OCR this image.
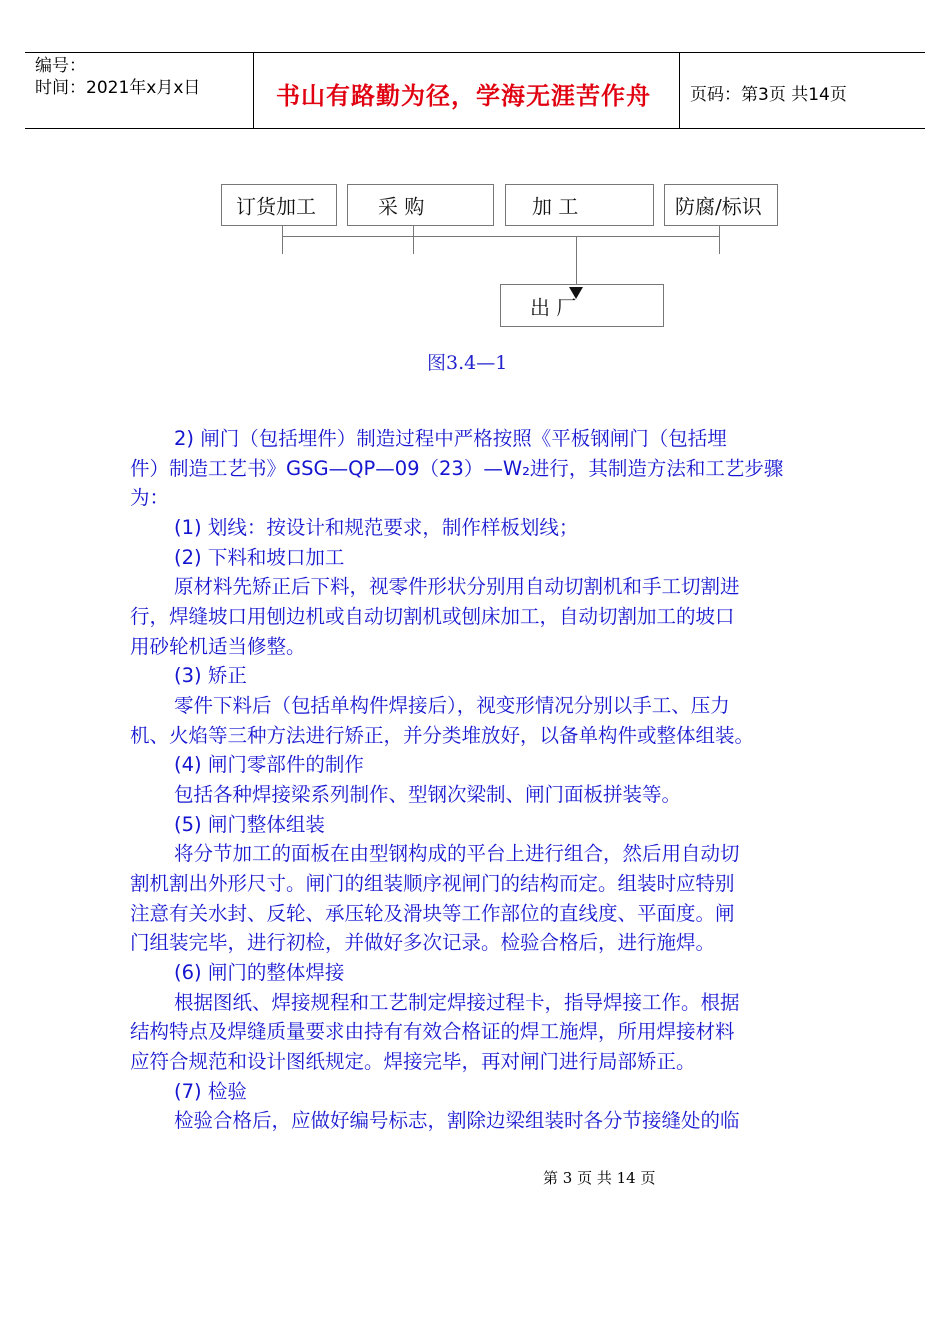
编号：
时间：2021年x月x日	书山有路勤为径，学海无涯苦作舟 页码：第3页 共14页
订货加工	采 购	加 工	防腐/标识
出 厂
图3.4—1
2) 闸门（包括埋件）制造过程中严格按照《平板钢闸门（包括埋
件）制造工艺书》GSG—QP—09（23）—W₂进行，其制造方法和工艺步骤
为：
(1) 划线：按设计和规范要求，制作样板划线；
(2) 下料和坡口加工
原材料先矫正后下料，视零件形状分别用自动切割机和手工切割进
行，焊缝坡口用刨边机或自动切割机或刨床加工，自动切割加工的坡口
用砂轮机适当修整。
(3) 矫正
零件下料后（包括单构件焊接后），视变形情况分别以手工、压力
机、火焰等三种方法进行矫正，并分类堆放好，以备单构件或整体组装。
(4) 闸门零部件的制作
包括各种焊接梁系列制作、型钢次梁制、闸门面板拼装等。
(5) 闸门整体组装
将分节加工的面板在由型钢构成的平台上进行组合，然后用自动切
割机割出外形尺寸。闸门的组装顺序视闸门的结构而定。组装时应特别
注意有关水封、反轮、承压轮及滑块等工作部位的直线度、平面度。闸
门组装完毕，进行初检，并做好多次记录。检验合格后，进行施焊。
(6) 闸门的整体焊接
根据图纸、焊接规程和工艺制定焊接过程卡，指导焊接工作。根据
结构特点及焊缝质量要求由持有有效合格证的焊工施焊，所用焊接材料
应符合规范和设计图纸规定。焊接完毕，再对闸门进行局部矫正。
(7) 检验
检验合格后，应做好编号标志，割除边梁组装时各分节接缝处的临
第 3 页 共 14 页
